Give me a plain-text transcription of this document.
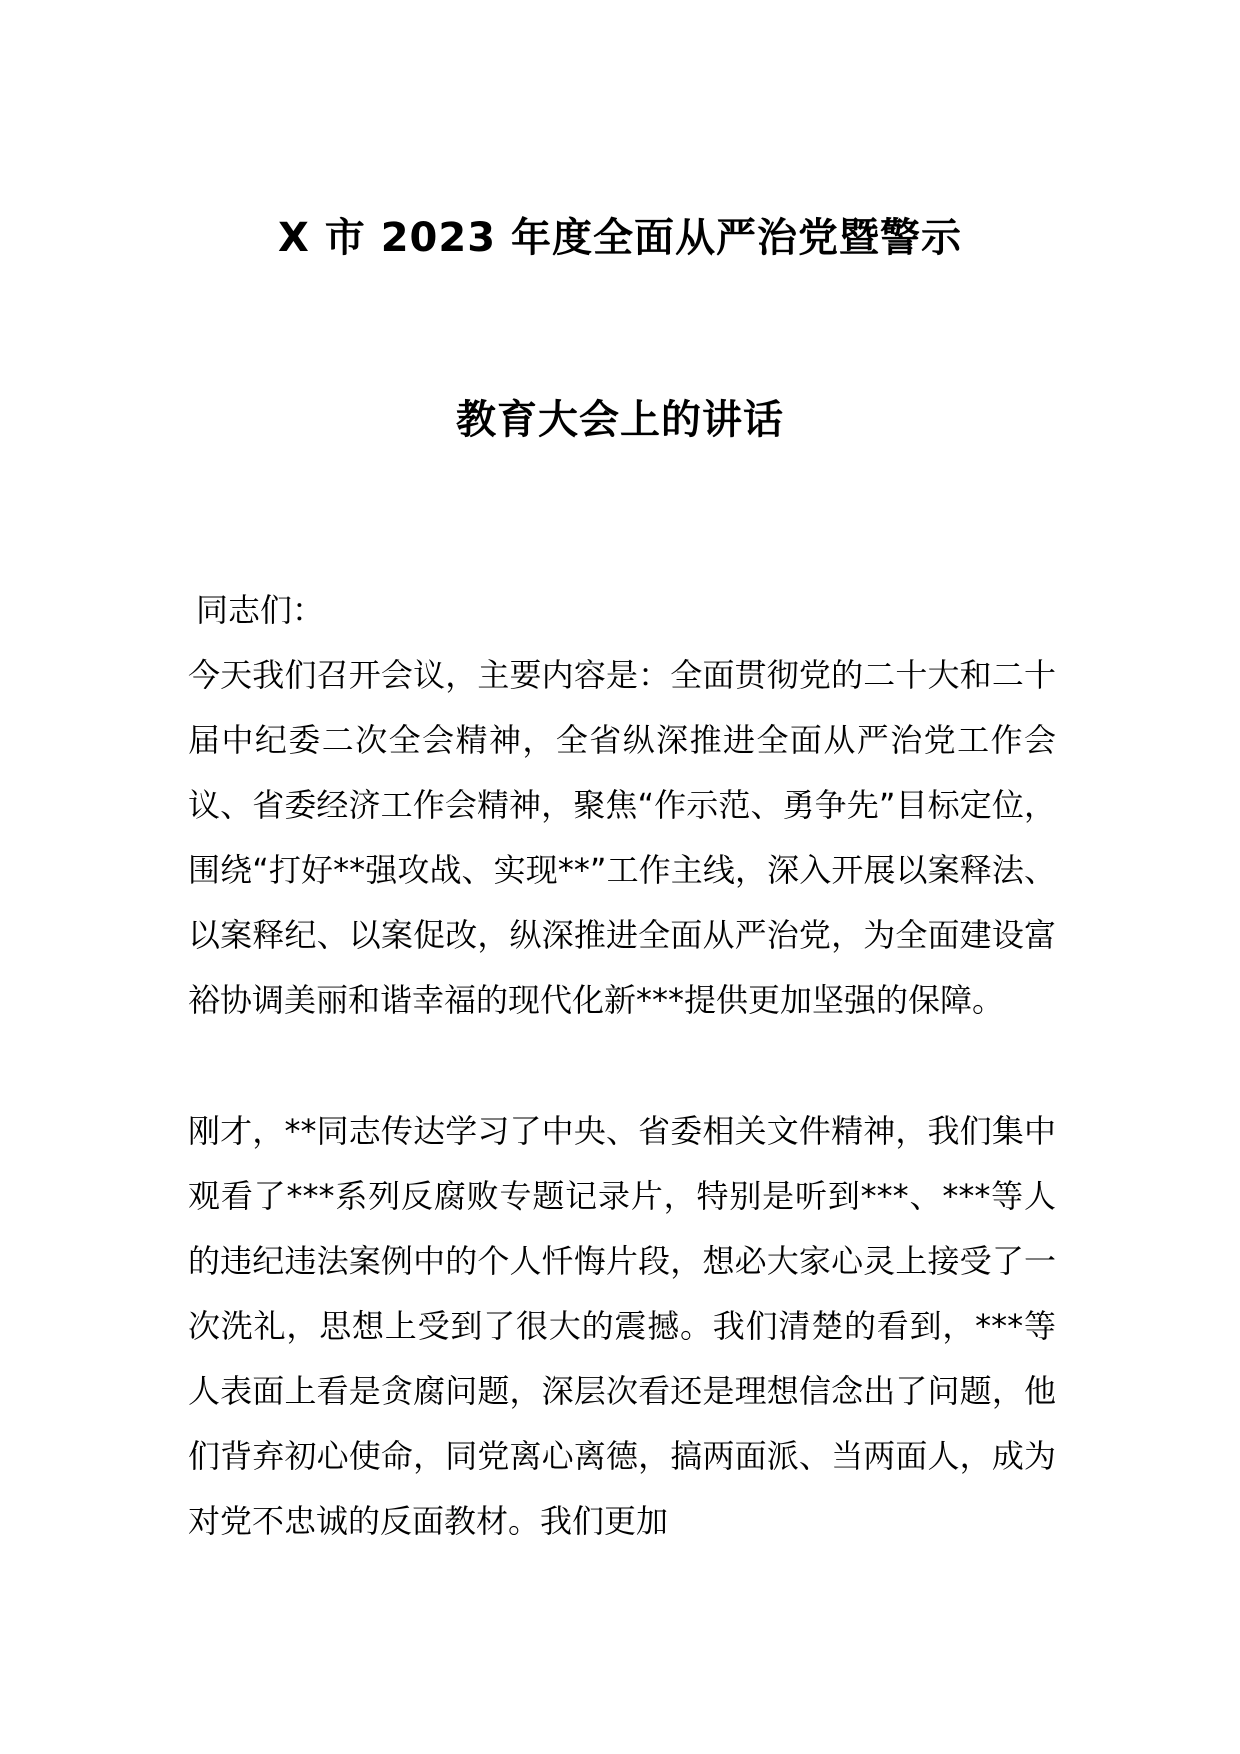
X 市 2023 年度全面从严治党暨警示
教育大会上的讲话
同志们：
今天我们召开会议，主要内容是：全面贯彻党的二十大和二十届中纪委二次全会精神，全省纵深推进全面从严治党工作会议、省委经济工作会精神，聚焦“作示范、勇争先”目标定位，围绕“打好**强攻战、实现**”工作主线，深入开展以案释法、以案释纪、以案促改，纵深推进全面从严治党，为全面建设富裕协调美丽和谐幸福的现代化新***提供更加坚强的保障。
刚才，**同志传达学习了中央、省委相关文件精神，我们集中观看了***系列反腐败专题记录片，特别是听到***、***等人的违纪违法案例中的个人忏悔片段，想必大家心灵上接受了一次洗礼，思想上受到了很大的震撼。我们清楚的看到，***等人表面上看是贪腐问题，深层次看还是理想信念出了问题，他们背弃初心使命，同党离心离德，搞两面派、当两面人，成为对党不忠诚的反面教材。我们更加
